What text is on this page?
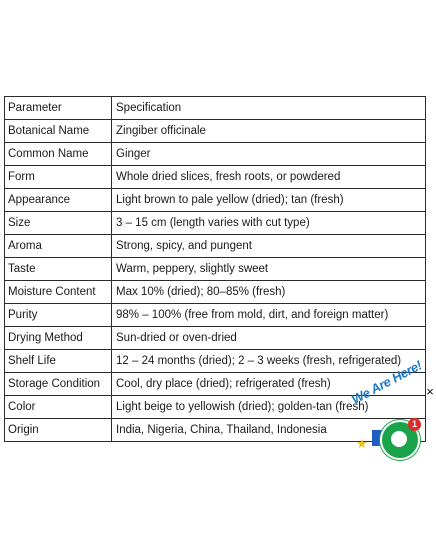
Parameter	Specification
Botanical Name	Zingiber officinale
Common Name	Ginger
Form	Whole dried slices, fresh roots, or powdered
Appearance	Light brown to pale yellow (dried); tan (fresh)
Size	3 – 15 cm (length varies with cut type)
Aroma	Strong, spicy, and pungent
Taste	Warm, peppery, slightly sweet
Moisture Content	Max 10% (dried); 80–85% (fresh)
Purity	98% – 100% (free from mold, dirt, and foreign matter)
Drying Method	Sun-dried or oven-dried
Shelf Life	12 – 24 months (dried); 2 – 3 weeks (fresh, refrigerated)
Storage Condition	Cool, dry place (dried); refrigerated (fresh)
Color	Light beige to yellowish (dried); golden-tan (fresh)
Origin	India, Nigeria, China, Thailand, Indonesia
×
We Are Here!
★
1
